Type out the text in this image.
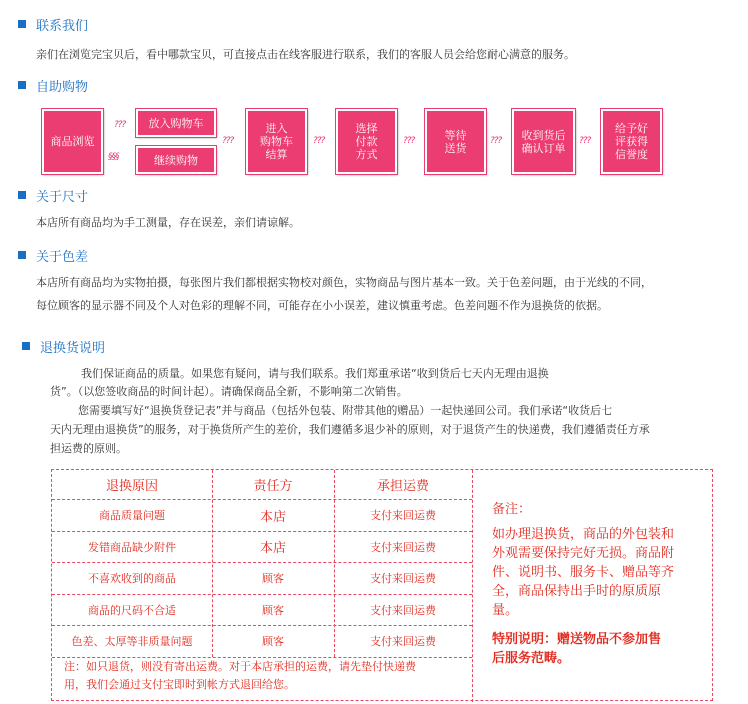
联系我们
亲们在浏览完宝贝后，看中哪款宝贝，可直接点击在线客服进行联系，我们的客服人员会给您耐心满意的服务。
自助购物
商品浏览
???
§§§
放入购物车
继续购物
???
进入
购物车
结算
???
选择
付款
方式
???	等待
送货
??? 收到货后
确认订单
???
给予好
评获得
信誉度
关于尺寸
本店所有商品均为手工测量，存在误差，亲们请谅解。
关于色差
本店所有商品均为实物拍摄，每张图片我们都根据实物校对颜色，实物商品与图片基本一致。关于色差问题，由于光线的不同，
每位顾客的显示器不同及个人对色彩的理解不同，可能存在小小误差，建议慎重考虑。色差问题不作为退换货的依据。
退换货说明
我们保证商品的质量。如果您有疑问，请与我们联系。我们郑重承诺“收到货后七天内无理由退换
货”。（以您签收商品的时间计起）。请确保商品全新，不影响第二次销售。
您需要填写好“退换货登记表”并与商品（包括外包装、附带其他的赠品）一起快递回公司。我们承诺“收货后七
天内无理由退换货”的服务，对于换货所产生的差价，我们遵循多退少补的原则，对于退货产生的快递费，我们遵循责任方承
担运费的原则。
退换原因	责任方	承担运费
商品质量问题	本店	支付来回运费
发错商品缺少附件	本店	支付来回运费
不喜欢收到的商品	顾客	支付来回运费
商品的尺码不合适	顾客	支付来回运费
色差、太厚等非质量问题	顾客	支付来回运费
注：如只退货，则没有寄出运费。对于本店承担的运费，请先垫付快递费
用，我们会通过支付宝即时到帐方式退回给您。
备注：
如办理退换货，商品的外包装和
外观需要保持完好无损。商品附
件、说明书、服务卡、赠品等齐
全，商品保持出手时的原质原
量。
特别说明：赠送物品不参加售
后服务范畴。
